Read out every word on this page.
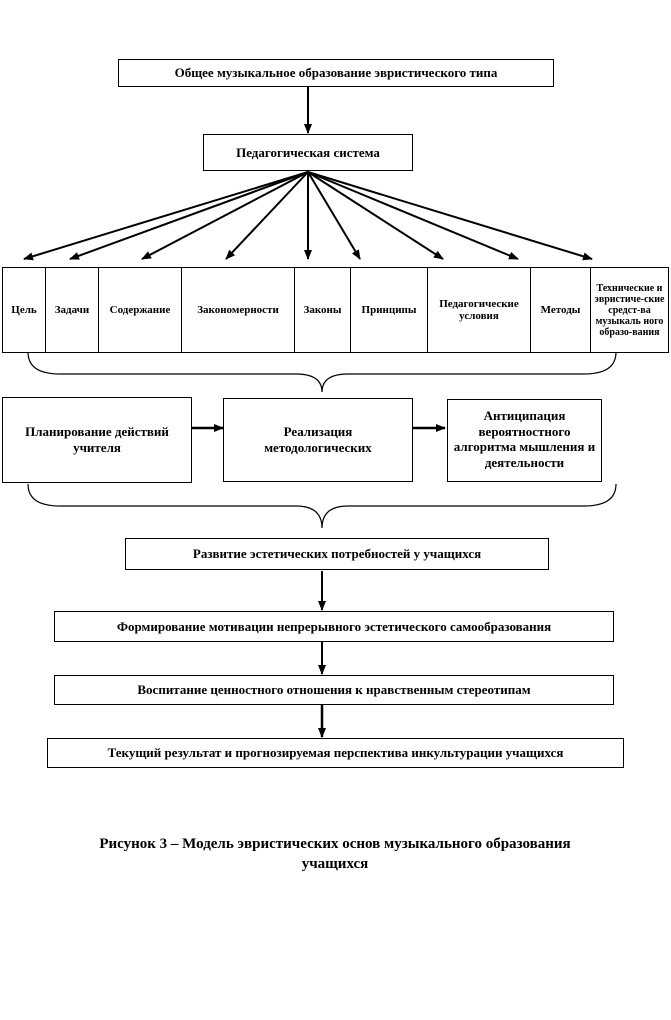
Общее музыкальное образование эвристического типа
Педагогическая система
Цель	Задачи	Содержание	Закономерности	Законы	Принципы
Педагогические условия
Методы
Технические и эвристиче-ские средст-ва музыкаль ного образо-вания
Планирование действий учителя
Реализация методологических
Антиципация вероятностного алгоритма мышления и деятельности
Развитие эстетических потребностей у учащихся
Формирование мотивации непрерывного эстетического самообразования
Воспитание ценностного отношения к нравственным стереотипам
Текущий результат и прогнозируемая перспектива инкультурации учащихся
Рисунок 3 – Модель эвристических основ музыкального образования
учащихся
